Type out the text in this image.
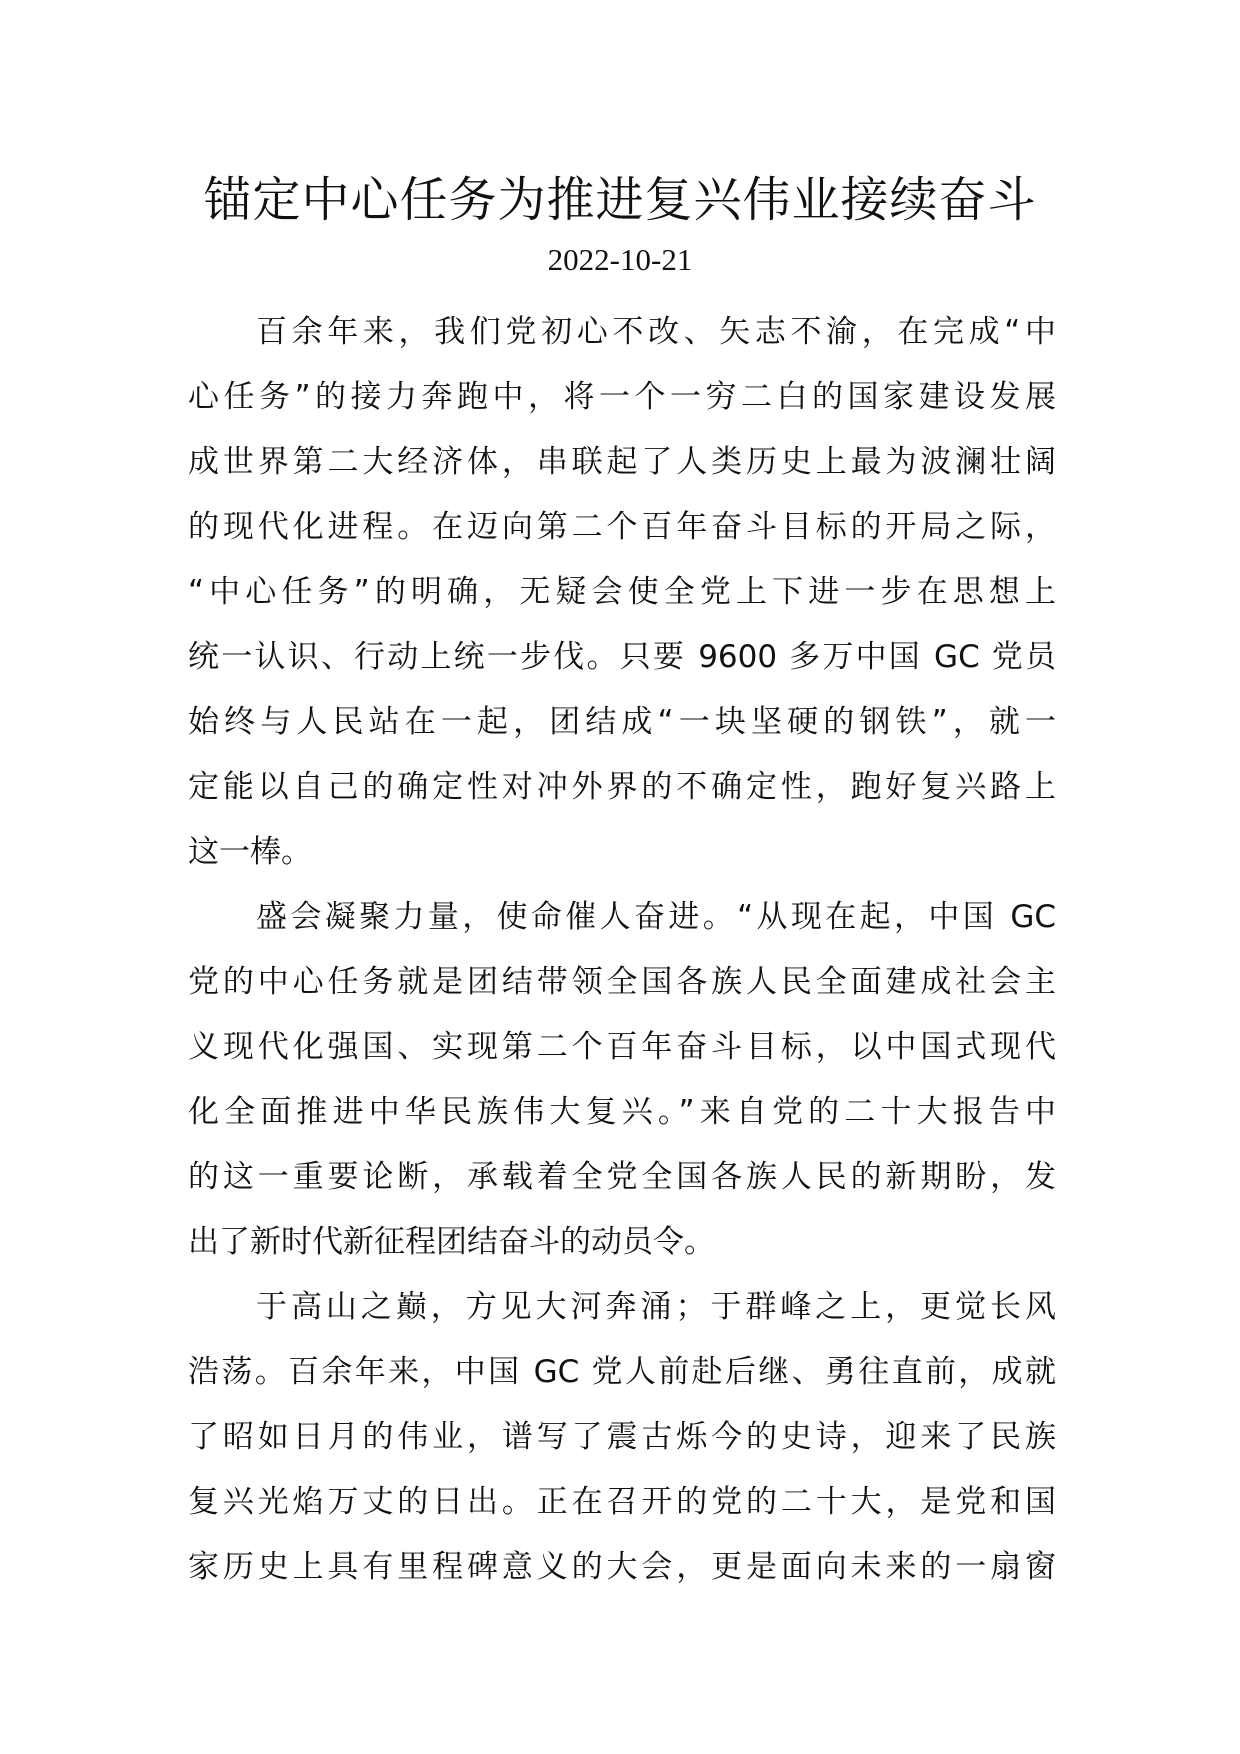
锚定中心任务为推进复兴伟业接续奋斗
2022-10-21
百余年来，我们党初心不改、矢志不渝，在完成“中
心任务”的接力奔跑中，将一个一穷二白的国家建设发展
成世界第二大经济体，串联起了人类历史上最为波澜壮阔
的现代化进程。在迈向第二个百年奋斗目标的开局之际，
“中心任务”的明确，无疑会使全党上下进一步在思想上
统一认识、行动上统一步伐。只要 9600 多万中国 GC 党员
始终与人民站在一起，团结成“一块坚硬的钢铁”，就一
定能以自己的确定性对冲外界的不确定性，跑好复兴路上
这一棒。
盛会凝聚力量，使命催人奋进。“从现在起，中国 GC
党的中心任务就是团结带领全国各族人民全面建成社会主
义现代化强国、实现第二个百年奋斗目标，以中国式现代
化全面推进中华民族伟大复兴。”来自党的二十大报告中
的这一重要论断，承载着全党全国各族人民的新期盼，发
出了新时代新征程团结奋斗的动员令。
于高山之巅，方见大河奔涌；于群峰之上，更觉长风
浩荡。百余年来，中国 GC 党人前赴后继、勇往直前，成就
了昭如日月的伟业，谱写了震古烁今的史诗，迎来了民族
复兴光焰万丈的日出。正在召开的党的二十大，是党和国
家历史上具有里程碑意义的大会，更是面向未来的一扇窗
